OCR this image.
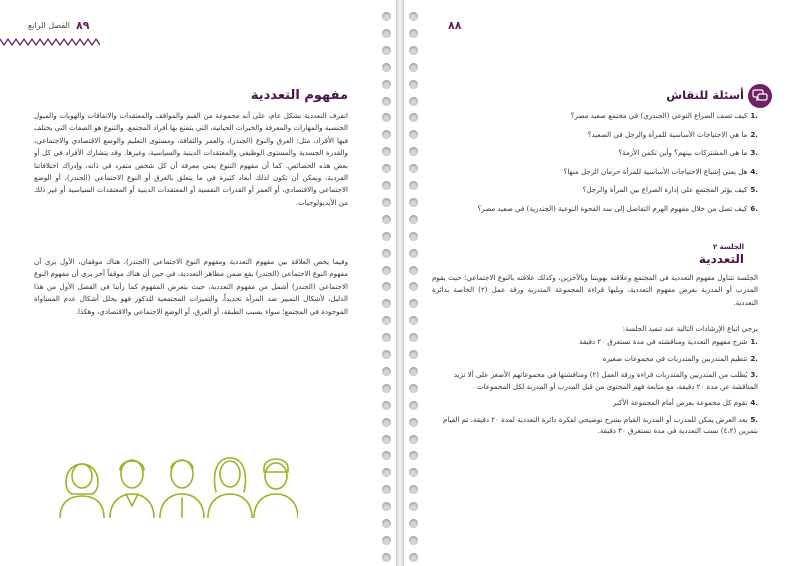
٨٩
الفصل الرابع
مفهوم التعددية
اتفرف التعددية بشكل عام، على أنه مجموعة من القيم والمواقف والمعتقدات والاتفاقات والهويات والميول الجنسية والمهارات والمعرفة والخبرات الحياتية، التي يتمتع بها أفراد المجتمع. والتنوع هو الصفات التي يختلف فيها الأفراد، مثل: العرق والنوع (الجندر)، والعمر والثقافة، ومستوى التعليم والوضع الاقتصادي والاجتماعي، والقدرة الجسدية والمستوى الوظيفي والمعتقدات الدينية والسياسية، وغيرها. وقد يتشارك الأفراد في كل أو بعض هذه الخصائص. كما أن مفهوم التنوع يعني معرفة أن كل شخص متفرد في ذاته، وإدراك اختلافاتنا الفردية، ويمكن أن تكون لذلك أبعاد كثيرة في ما يتعلق بالعرق أو النوع الاجتماعي (الجندر)، أو الوضع الاجتماعي والاقتصادي، أو العمر أو القدرات النفسية أو المعتقدات الدينية أو المعتقدات السياسية أو غير ذلك من الأيديولوجيات.
وفيما يخص العلاقة بين مفهوم التعددية ومفهوم النوع الاجتماعي (الجندر)، هناك موقفان، الأول يرى أن مفهوم النوع الاجتماعي (الجندر) يقع ضمن مظاهر التعددية، في حين أن هناك موقفاً آخر يرى أن مفهوم النوع الاجتماعي (الجندر) أشمل من مفهوم التعددية، حيث يتعرض المفهوم كما رأينا في الفصل الأول من هذا الدليل، لأشكال التمييز ضد المرأة تحديداً، والتميزات المجتمعية للذكور فهو يحلل أشكال عدم المساواة الموجودة في المجتمع؛ سواء بسبب الطبقة، أو العرق، أو الوضع الاجتماعي والاقتصادي، وهكذا.
٨٨
أسئلة للنقاش
.1كيف تصف الصراع النوعي (الجندري) في مجتمع صعيد مصر؟
.2ما هي الاحتياجات الأساسية للمرأة والرجل في الصعيد؟
.3ما هي المشتركات بينهم؟ وأين تكمن الأزمة؟
.4هل يعني إشباع الاحتياجات الأساسية للمرأة حرمان الرجل منها؟
.5كيف يؤثر المجتمع على إدارة الصراع بين المرأة والرجل؟
.6كيف تصل من خلال مفهوم الهرم التفاضل إلى سد الفجوة النوعية (الجندرية) في صعيد مصر؟
الجلسة ٢
التعددية
الجلسة تتناول مفهوم التعددية في المجتمع وعلاقته بهويتنا وبالآخرين، وكذلك علاقته بالنوع الاجتماعي؛ حيث يقوم المدرب أو المدربة بعرض مفهوم التعددية، ويليها قراءة المجموعة المتدربة ورقة عمل (٢) الخاصة بدائرة التعددية.
يرجى اتباع الإرشادات التالية عند تنفيذ الجلسة:
.1شرح مفهوم التعددية ومناقشته في مدة تستغرق ٢٠ دقيقة
.2تنظيم المتدربين والمتدربات في مجموعات صغيرة
.3يُطلب من المتدربين والمتدربات قراءة ورقة العمل (٢) ومناقشتها في مجموعاتهم الأصغر على ألا تزيد المناقشة عن مدة ٢٠ دقيقة، مع متابعة فهم المحتوى من قبل المدرب أو المدربة لكل المجموعات
.4تقوم كل مجموعة بعرض أمام المجموعة الأكبر
.5بعد العرض يمكن للمدرب أو المدربة القيام بشرح توضيحي لفكرة دائرة التعددية لمدة ٢٠ دقيقة، ثم القيام بتمرين (٤،٢) نسب التعددية في مدة تستغرق ٣٠ دقيقة.
